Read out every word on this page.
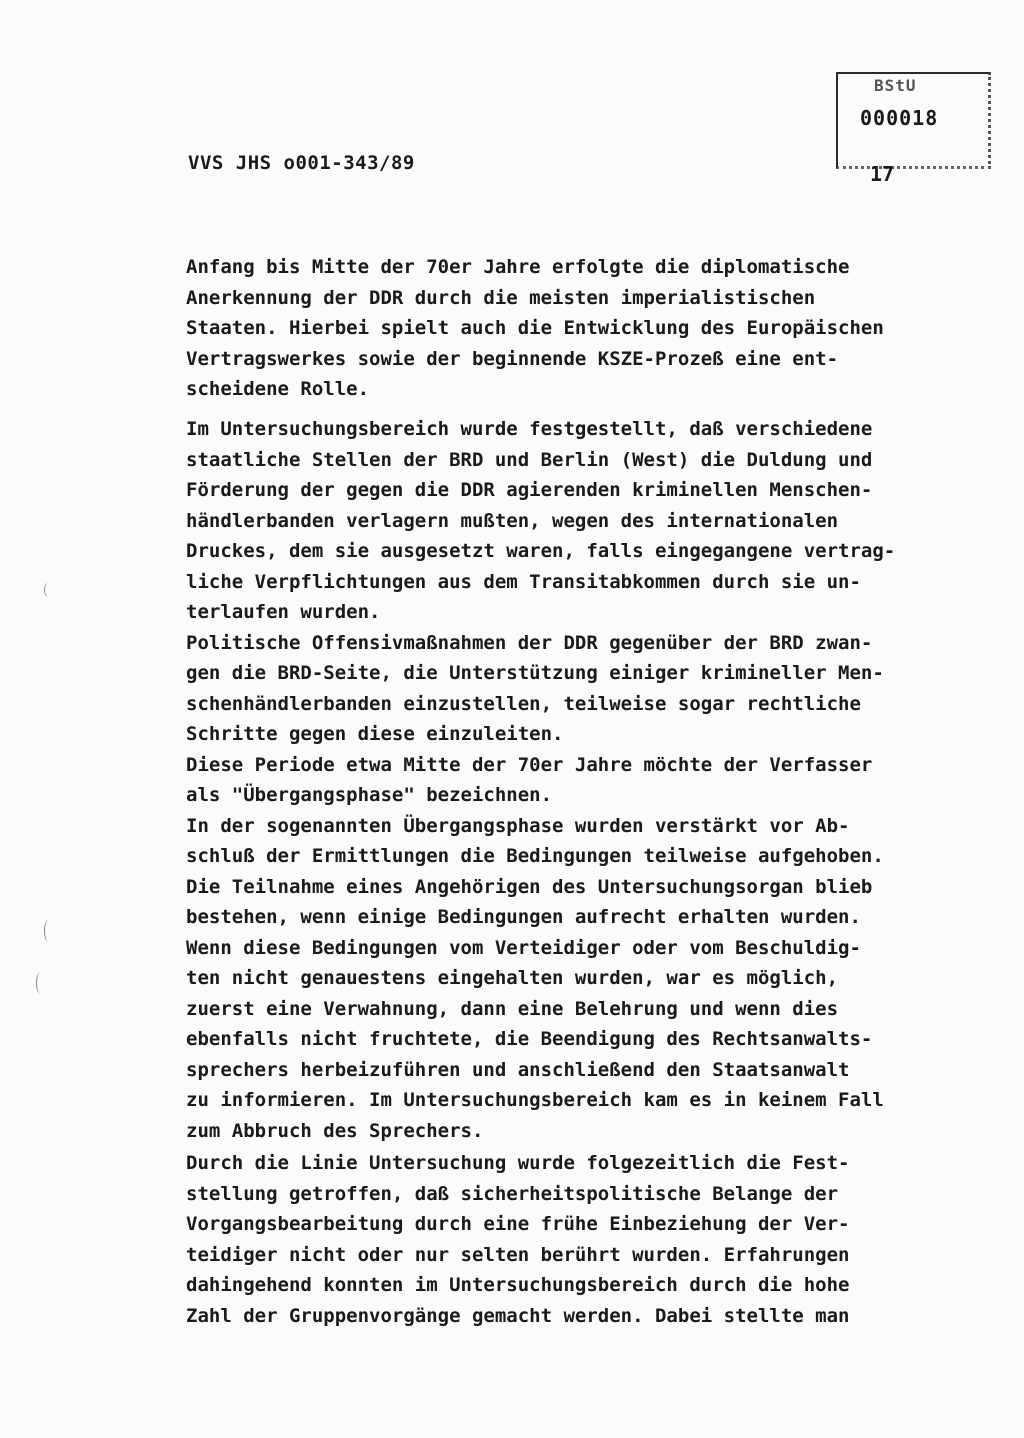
VVS JHS o001-343/89
BStU
000018
17
Anfang bis Mitte der 70er Jahre erfolgte die diplomatische
Anerkennung der DDR durch die meisten imperialistischen
Staaten. Hierbei spielt auch die Entwicklung des Europäischen
Vertragswerkes sowie der beginnende KSZE-Prozeß eine ent-
scheidene Rolle.
Im Untersuchungsbereich wurde festgestellt, daß verschiedene
staatliche Stellen der BRD und Berlin (West) die Duldung und
Förderung der gegen die DDR agierenden kriminellen Menschen-
händlerbanden verlagern mußten, wegen des internationalen
Druckes, dem sie ausgesetzt waren, falls eingegangene vertrag-
liche Verpflichtungen aus dem Transitabkommen durch sie un-
terlaufen wurden.
Politische Offensivmaßnahmen der DDR gegenüber der BRD zwan-
gen die BRD-Seite, die Unterstützung einiger krimineller Men-
schenhändlerbanden einzustellen, teilweise sogar rechtliche
Schritte gegen diese einzuleiten.
Diese Periode etwa Mitte der 70er Jahre möchte der Verfasser
als "Übergangsphase" bezeichnen.
In der sogenannten Übergangsphase wurden verstärkt vor Ab-
schluß der Ermittlungen die Bedingungen teilweise aufgehoben.
Die Teilnahme eines Angehörigen des Untersuchungsorgan blieb
bestehen, wenn einige Bedingungen aufrecht erhalten wurden.
Wenn diese Bedingungen vom Verteidiger oder vom Beschuldig-
ten nicht genauestens eingehalten wurden, war es möglich,
zuerst eine Verwahnung, dann eine Belehrung und wenn dies
ebenfalls nicht fruchtete, die Beendigung des Rechtsanwalts-
sprechers herbeizuführen und anschließend den Staatsanwalt
zu informieren. Im Untersuchungsbereich kam es in keinem Fall
zum Abbruch des Sprechers.
Durch die Linie Untersuchung wurde folgezeitlich die Fest-
stellung getroffen, daß sicherheitspolitische Belange der
Vorgangsbearbeitung durch eine frühe Einbeziehung der Ver-
teidiger nicht oder nur selten berührt wurden. Erfahrungen
dahingehend konnten im Untersuchungsbereich durch die hohe
Zahl der Gruppenvorgänge gemacht werden. Dabei stellte man
